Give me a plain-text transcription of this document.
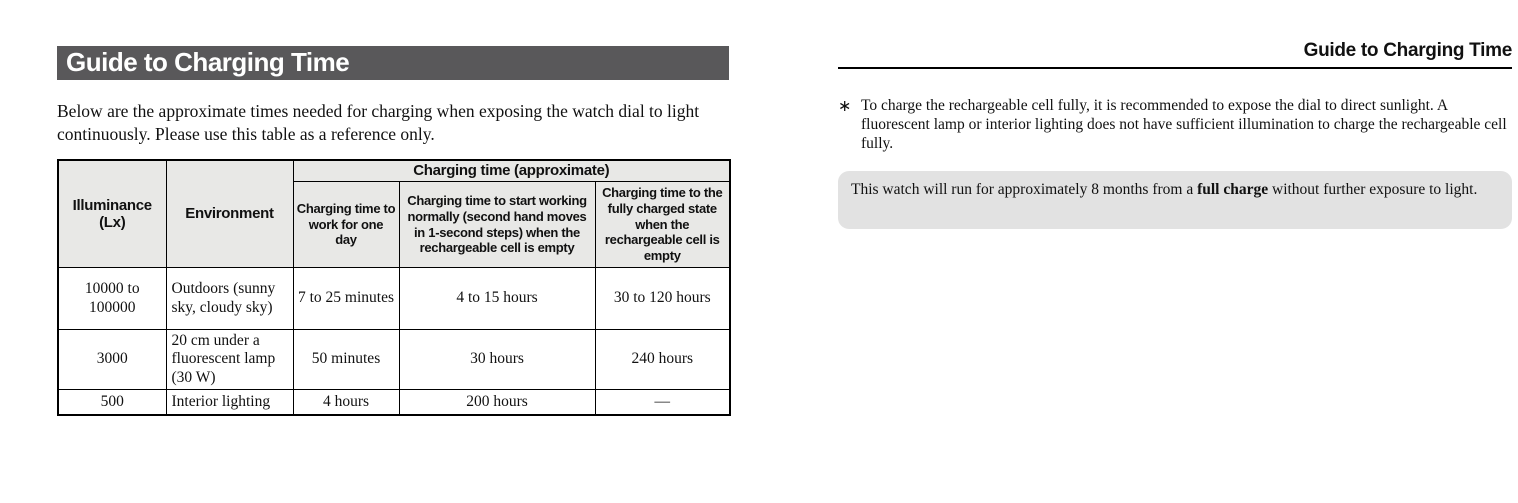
Guide to Charging Time
Below are the approximate times needed for charging when exposing the watch dial to light continuously. Please use this table as a reference only.
Illuminance (Lx)	Environment	Charging time (approximate)		
		Charging time to work for one day	Charging time to start working normally (second hand moves in 1-second steps) when the rechargeable cell is empty	Charging time to the fully charged state when the rechargeable cell is empty
10000 to 100000	Outdoors (sunny sky, cloudy sky)	7 to 25 minutes	4 to 15 hours	30 to 120 hours
3000	20 cm under a fluorescent lamp (30 W)	50 minutes	30 hours	240 hours
500	Interior lighting	4 hours	200 hours	—
Guide to Charging Time
∗ To charge the rechargeable cell fully, it is recommended to expose the dial to direct sunlight. A fluorescent lamp or interior lighting does not have sufficient illumination to charge the rechargeable cell fully.
This watch will run for approximately 8 months from a full charge without further exposure to light.
